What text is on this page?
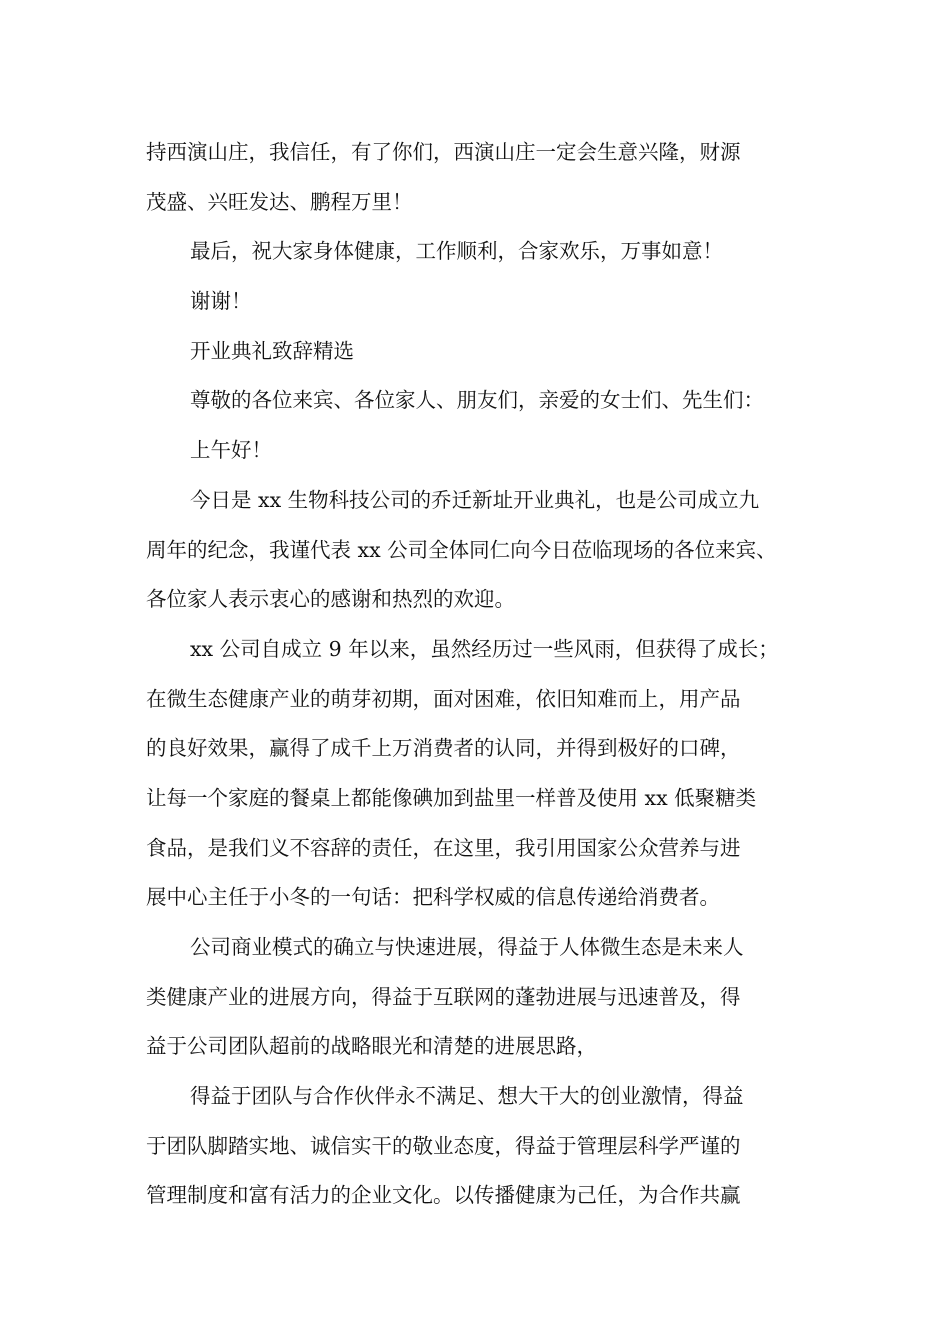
持西演山庄，我信任，有了你们，西演山庄一定会生意兴隆，财源
茂盛、兴旺发达、鹏程万里！
最后，祝大家身体健康，工作顺利，合家欢乐，万事如意！
谢谢！
开业典礼致辞精选
尊敬的各位来宾、各位家人、朋友们，亲爱的女士们、先生们：
上午好！
今日是 xx 生物科技公司的乔迁新址开业典礼，也是公司成立九
周年的纪念，我谨代表 xx 公司全体同仁向今日莅临现场的各位来宾、
各位家人表示衷心的感谢和热烈的欢迎。
xx 公司自成立 9 年以来，虽然经历过一些风雨，但获得了成长；
在微生态健康产业的萌芽初期，面对困难，依旧知难而上，用产品
的良好效果，赢得了成千上万消费者的认同，并得到极好的口碑，
让每一个家庭的餐桌上都能像碘加到盐里一样普及使用 xx 低聚糖类
食品，是我们义不容辞的责任，在这里，我引用国家公众营养与进
展中心主任于小冬的一句话：把科学权威的信息传递给消费者。
公司商业模式的确立与快速进展，得益于人体微生态是未来人
类健康产业的进展方向，得益于互联网的蓬勃进展与迅速普及，得
益于公司团队超前的战略眼光和清楚的进展思路，
得益于团队与合作伙伴永不满足、想大干大的创业激情，得益
于团队脚踏实地、诚信实干的敬业态度，得益于管理层科学严谨的
管理制度和富有活力的企业文化。以传播健康为己任，为合作共赢
